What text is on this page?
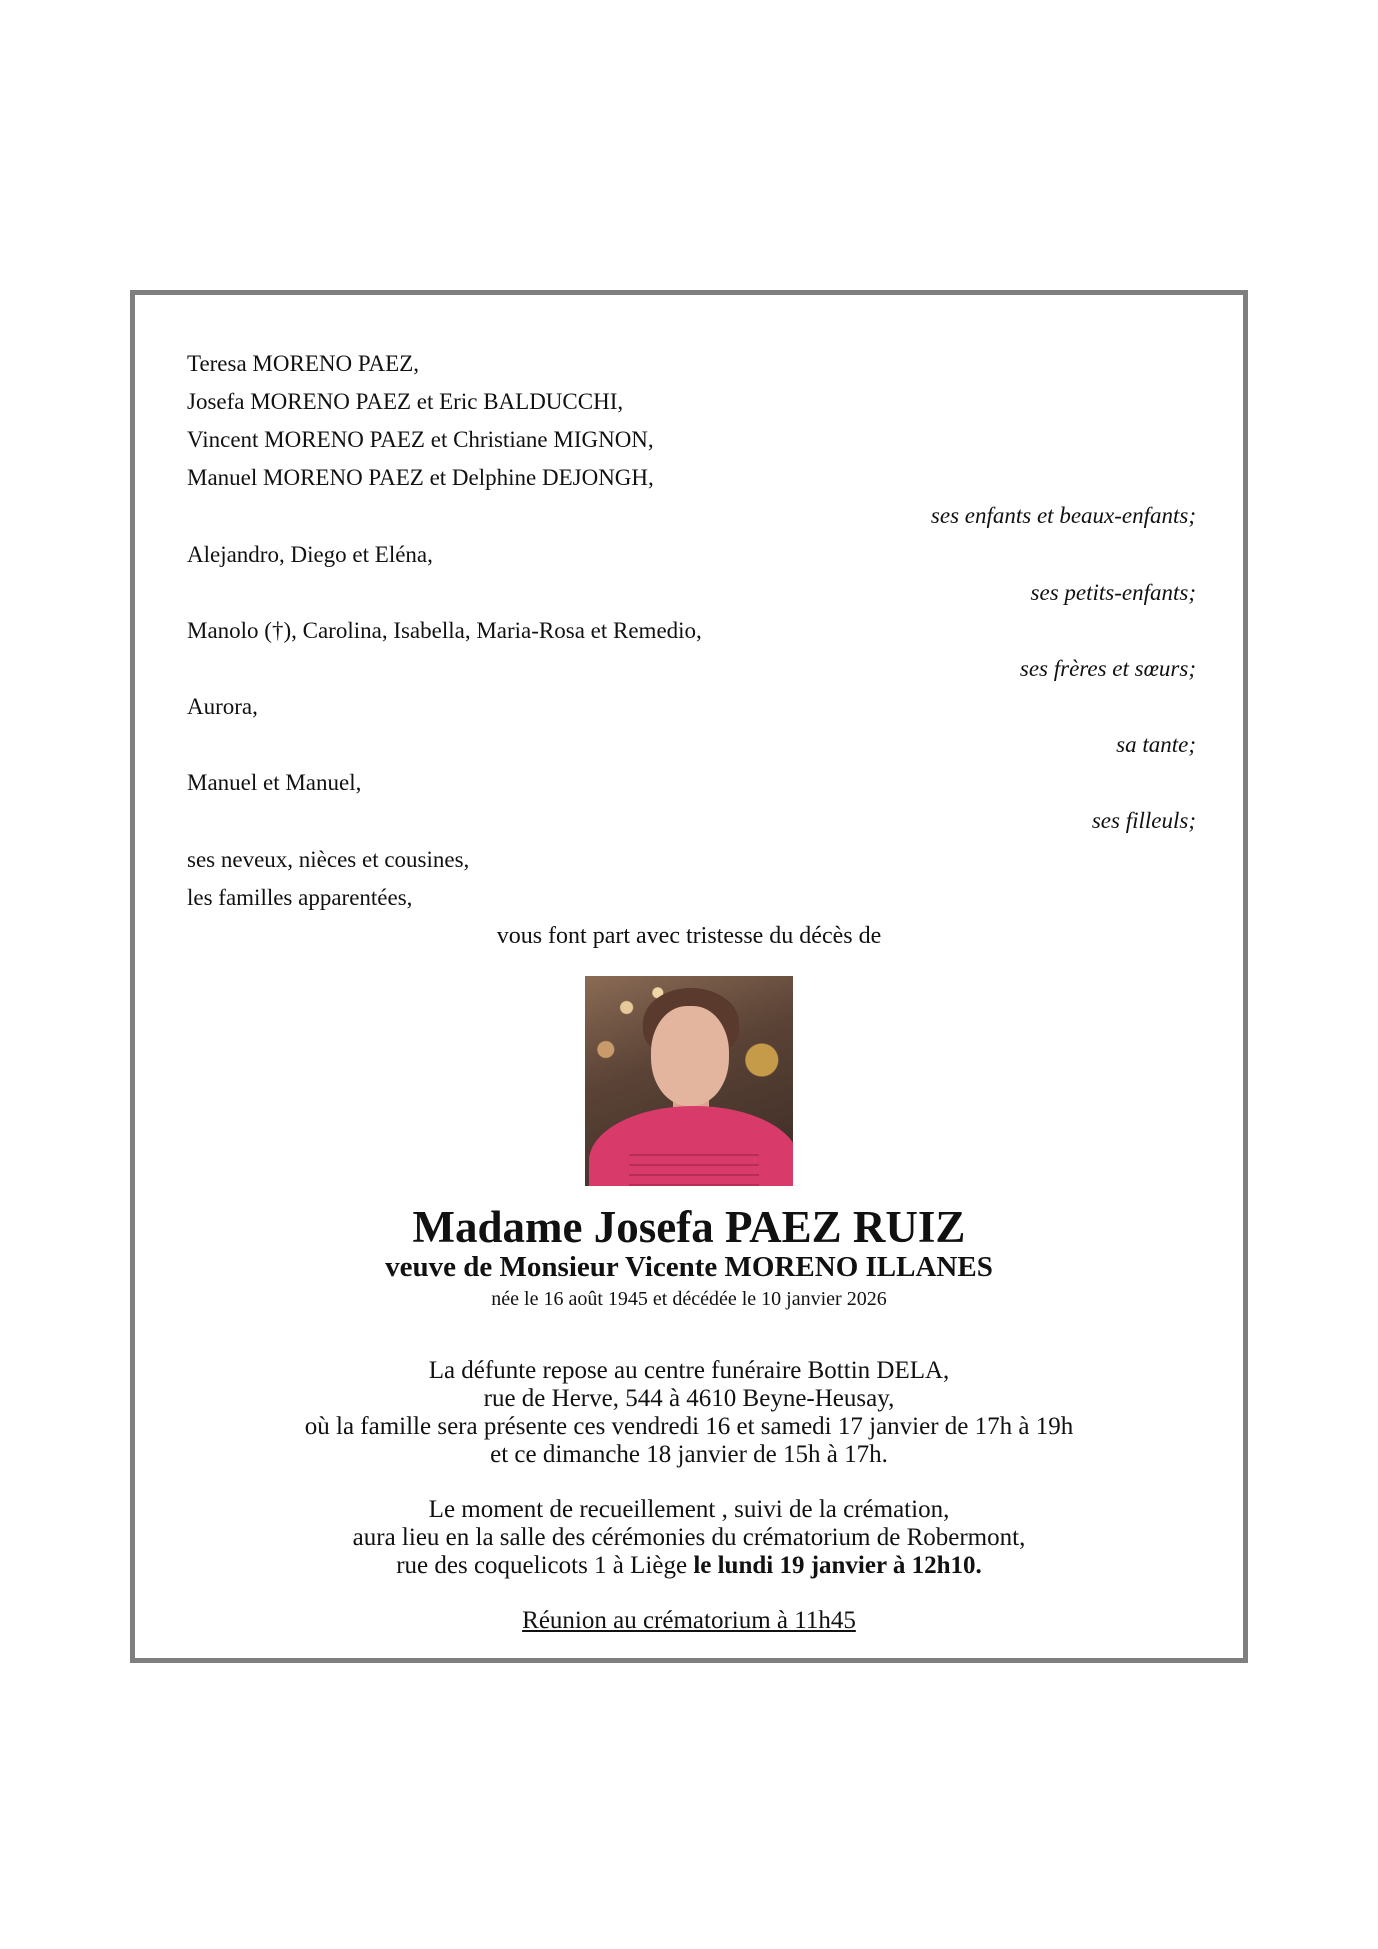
Teresa MORENO PAEZ,
Josefa MORENO PAEZ et Eric BALDUCCHI,
Vincent MORENO PAEZ et Christiane MIGNON,
Manuel MORENO PAEZ et Delphine DEJONGH,
ses enfants et beaux-enfants;
Alejandro, Diego et Eléna,
ses petits-enfants;
Manolo (†), Carolina, Isabella, Maria-Rosa et Remedio,
ses frères et sœurs;
Aurora,
sa tante;
Manuel et Manuel,
ses filleuls;
ses neveux, nièces et cousines,
les familles apparentées,
vous font part avec tristesse du décès de
Madame Josefa PAEZ RUIZ
veuve de Monsieur Vicente MORENO ILLANES
née le 16 août 1945 et décédée le 10 janvier 2026
La défunte repose au centre funéraire Bottin DELA,
rue de Herve, 544 à 4610 Beyne-Heusay,
où la famille sera présente ces vendredi 16 et samedi 17 janvier de 17h à 19h
et ce dimanche 18 janvier de 15h à 17h.
Le moment de recueillement , suivi de la crémation,
aura lieu en la salle des cérémonies du crématorium de Robermont,
rue des coquelicots 1 à Liège le lundi 19 janvier à 12h10.
Réunion au crématorium à 11h45
